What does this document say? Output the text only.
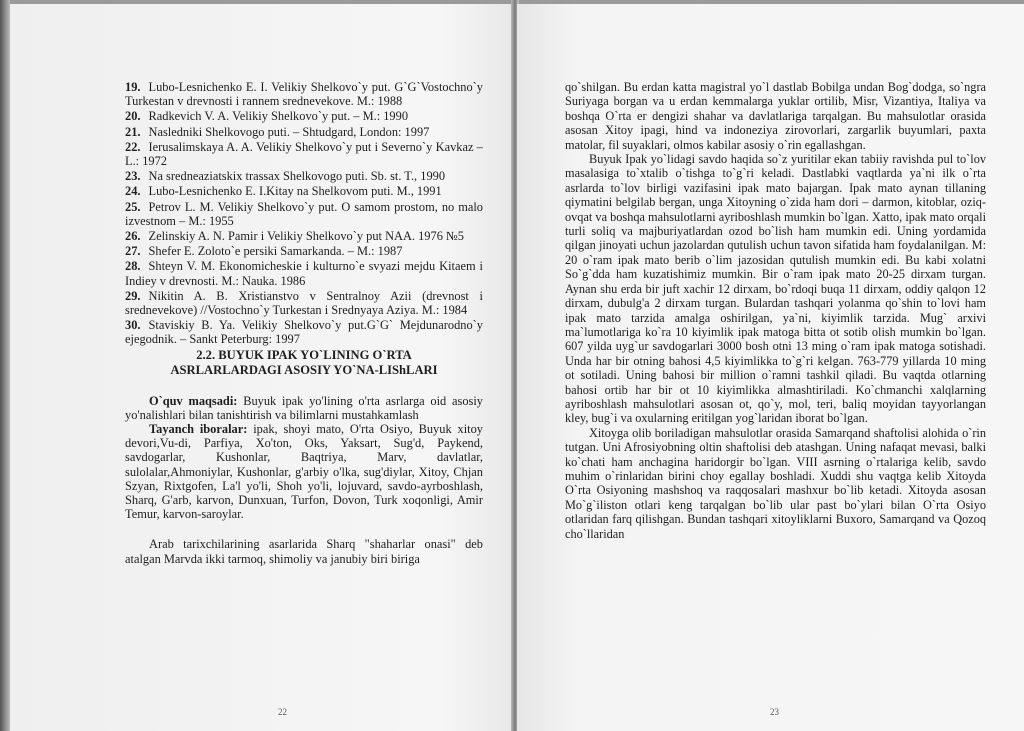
19. Lubo-Lesnichenko E. I. Velikiy Shelkovo`y put. G`G`Vostochno`y Turkestan v drevnosti i rannem srednevekove. M.: 1988
20. Radkevich V. A. Velikiy Shelkovo`y put. – M.: 1990
21. Nasledniki Shelkovogo puti. – Shtudgard, London: 1997
22. Ierusalimskaya A. A. Velikiy Shelkovo`y put i Severno`y Kavkaz – L.: 1972
23. Na sredneaziatskix trassax Shelkovogo puti. Sb. st. T., 1990
24. Lubo-Lesnichenko E. I.Kitay na Shelkovom puti. M., 1991
25. Petrov L. M. Velikiy Shelkovo`y put. O samom prostom, no malo izvestnom – M.: 1955
26. Zelinskiy A. N. Pamir i Velikiy Shelkovo`y put NAA. 1976 №5
27. Shefer E. Zoloto`e persiki Samarkanda. – M.: 1987
28. Shteyn V. M. Ekonomicheskie i kulturno`e svyazi mejdu Kitaem i Indiey v drevnosti. M.: Nauka. 1986
29. Nikitin A. B. Xristianstvo v Sentralnoy Azii (drevnost i srednevekove) //Vostochno`y Turkestan i Srednyaya Aziya. M.: 1984
30. Staviskiy B. Ya. Velikiy Shelkovo`y put.G`G` Mejdunarodno`y ejegodnik. – Sankt Peterburg: 1997
2.2. BUYUK IPAK YO`LINING O`RTA
ASRLARLARDAGI ASOSIY YO`NA-LIShLARI

O`quv maqsadi: Buyuk ipak yo'lining o'rta asrlarga oid asosiy yo'nalishlari bilan tanishtirish va bilimlarni mustahkamlash

Tayanch iboralar: ipak, shoyi mato, O'rta Osiyo, Buyuk xitoy devori,Vu-di, Parfiya, Xo'ton, Oks, Yaksart, Sug'd, Paykend, savdogarlar, Kushonlar, Baqtriya, Marv, davlatlar, sulolalar,Ahmoniylar, Kushonlar, g'arbiy o'lka, sug'diylar, Xitoy, Chjan Szyan, Rixtgofen, La'l yo'li, Shoh yo'li, lojuvard, savdo-ayrboshlash, Sharq, G'arb, karvon, Dunxuan, Turfon, Dovon, Turk xoqonligi, Amir Temur, karvon-saroylar.

Arab tarixchilarining asarlarida Sharq "shaharlar onasi" deb atalgan Marvda ikki tarmoq, shimoliy va janubiy biri biriga

22

qo`shilgan. Bu erdan katta magistral yo`l dastlab Bobilga undan Bog`dodga, so`ngra Suriyaga borgan va u erdan kemmalarga yuklar ortilib, Misr, Vizantiya, Italiya va boshqa O`rta er dengizi shahar va davlatlariga tarqalgan. Bu mahsulotlar orasida asosan Xitoy ipagi, hind va indoneziya zirovorlari, zargarlik buyumlari, paxta matolar, fil suyaklari, olmos kabilar asosiy o`rin egallashgan.

Buyuk Ipak yo`lidagi savdo haqida so`z yuritilar ekan tabiiy ravishda pul to`lov masalasiga to`xtalib o`tishga to`g`ri keladi. Dastlabki vaqtlarda ya`ni ilk o`rta asrlarda to`lov birligi vazifasini ipak mato bajargan. Ipak mato aynan tillaning qiymatini belgilab bergan, unga Xitoyning o`zida ham dori – darmon, kitoblar, oziq-ovqat va boshqa mahsulotlarni ayriboshlash mumkin bo`lgan. Xatto, ipak mato orqali turli soliq va majburiyatlardan ozod bo`lish ham mumkin edi. Uning yordamida qilgan jinoyati uchun jazolardan qutulish uchun tavon sifatida ham foydalanilgan. M: 20 o`ram ipak mato berib o`lim jazosidan qutulish mumkin edi. Bu kabi xolatni So`g`dda ham kuzatishimiz mumkin. Bir o`ram ipak mato 20-25 dirxam turgan. Aynan shu erda bir juft xachir 12 dirxam, bo`rdoqi buqa 11 dirxam, oddiy qalqon 12 dirxam, dubulg'a 2 dirxam turgan. Bulardan tashqari yolanma qo`shin to`lovi ham ipak mato tarzida amalga oshirilgan, ya`ni, kiyimlik tarzida. Mug` arxivi ma`lumotlariga ko`ra 10 kiyimlik ipak matoga bitta ot sotib olish mumkin bo`lgan. 607 yilda uyg`ur savdogarlari 3000 bosh otni 13 ming o`ram ipak matoga sotishadi. Unda har bir otning bahosi 4,5 kiyimlikka to`g`ri kelgan. 763-779 yillarda 10 ming ot sotiladi. Uning bahosi bir million o`ramni tashkil qiladi. Bu vaqtda otlarning bahosi ortib har bir ot 10 kiyimlikka almashtiriladi. Ko`chmanchi xalqlarning ayriboshlash mahsulotlari asosan ot, qo`y, mol, teri, baliq moyidan tayyorlangan kley, bug`i va oxularning eritilgan yog`laridan iborat bo`lgan.

Xitoyga olib boriladigan mahsulotlar orasida Samarqand shaftolisi alohida o`rin tutgan. Uni Afrosiyobning oltin shaftolisi deb atashgan. Uning nafaqat mevasi, balki ko`chati ham anchagina haridorgir bo`lgan. VIII asrning o`rtalariga kelib, savdo muhim o`rinlaridan birini choy egallay boshladi. Xuddi shu vaqtga kelib Xitoyda O`rta Osiyoning mashshoq va raqqosalari mashxur bo`lib ketadi. Xitoyda asosan Mo`g`iliston otlari keng tarqalgan bo`lib ular past bo`ylari bilan O`rta Osiyo otlaridan farq qilishgan. Bundan tashqari xitoyliklarni Buxoro, Samarqand va Qozoq cho`llaridan

23
